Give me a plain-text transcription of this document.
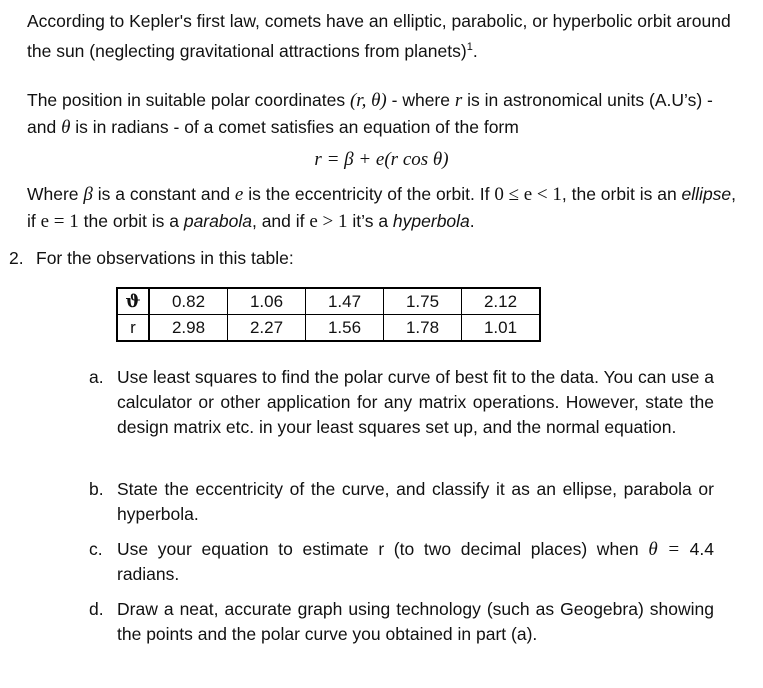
According to Kepler's first law, comets have an elliptic, parabolic, or hyperbolic orbit around the sun (neglecting gravitational attractions from planets)$^1$.

The position in suitable polar coordinates (r, θ) - where r is in astronomical units (A.U’s) - and θ is in radians - of a comet satisfies an equation of the form

r = β + e(r cos θ)

Where β is a constant and e is the eccentricity of the orbit. If 0 ≤ e < 1, the orbit is an ellipse, if e = 1 the orbit is a parabola, and if e > 1 it’s a hyperbola.

2. For the observations in this table:
ϑ	0.82	1.06	1.47	1.75	2.12
r	2.98	2.27	1.56	1.78	1.01
a. Use least squares to find the polar curve of best fit to the data. You can use a calculator or other application for any matrix operations. However, state the design matrix etc. in your least squares set up, and the normal equation.
b. State the eccentricity of the curve, and classify it as an ellipse, parabola or hyperbola.
c. Use your equation to estimate r (to two decimal places) when θ = 4.4 radians.
d. Draw a neat, accurate graph using technology (such as Geogebra) showing the points and the polar curve you obtained in part (a).
